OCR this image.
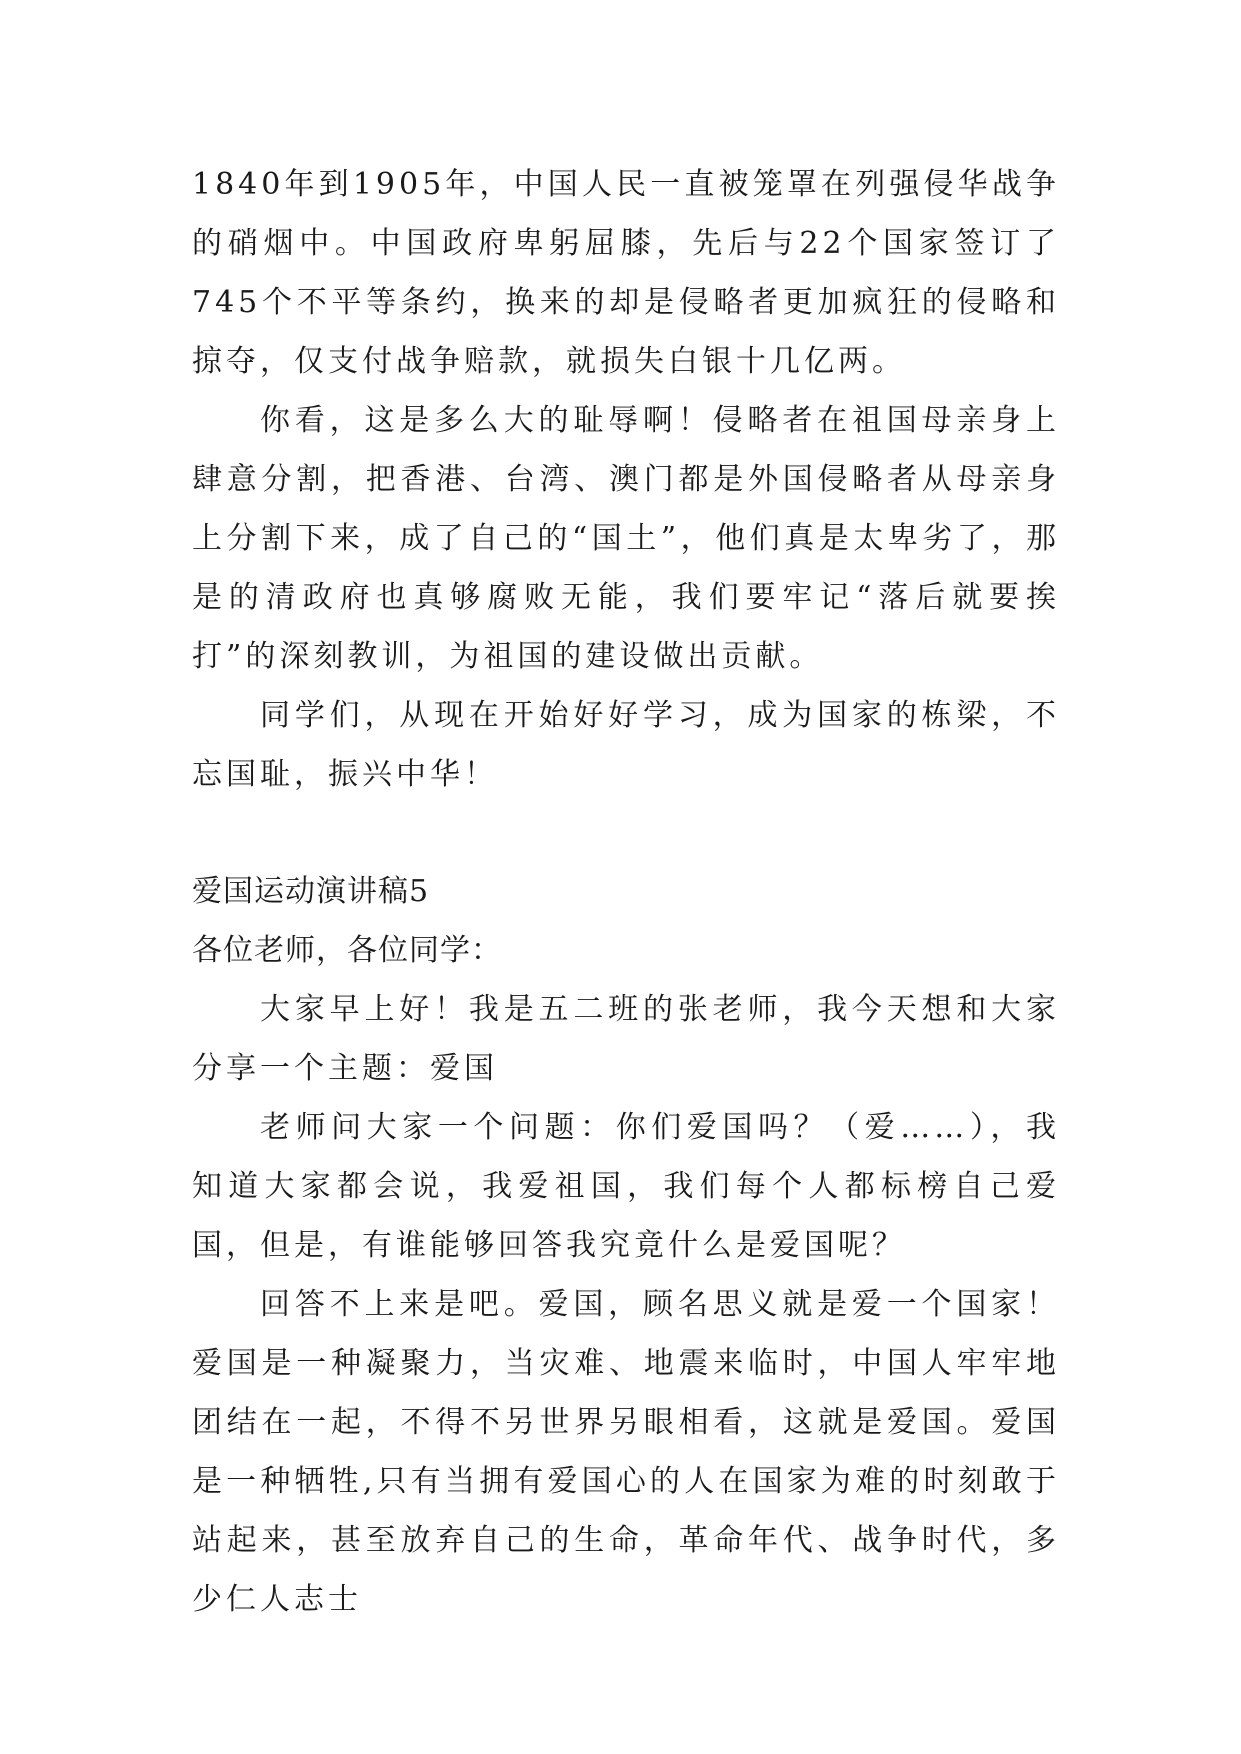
1840年到1905年，中国人民一直被笼罩在列强侵华战争的硝烟中。中国政府卑躬屈膝，先后与22个国家签订了745个不平等条约，换来的却是侵略者更加疯狂的侵略和掠夺，仅支付战争赔款，就损失白银十几亿两。

你看，这是多么大的耻辱啊！侵略者在祖国母亲身上肆意分割，把香港、台湾、澳门都是外国侵略者从母亲身上分割下来，成了自己的“国土”，他们真是太卑劣了，那是的清政府也真够腐败无能，我们要牢记“落后就要挨打”的深刻教训，为祖国的建设做出贡献。

同学们，从现在开始好好学习，成为国家的栋梁，不忘国耻，振兴中华！

爱国运动演讲稿5

各位老师，各位同学：

大家早上好！我是五二班的张老师，我今天想和大家分享一个主题：爱国

老师问大家一个问题：你们爱国吗？（爱……），我知道大家都会说，我爱祖国，我们每个人都标榜自己爱国，但是，有谁能够回答我究竟什么是爱国呢？

回答不上来是吧。爱国，顾名思义就是爱一个国家！爱国是一种凝聚力，当灾难、地震来临时，中国人牢牢地团结在一起，不得不另世界另眼相看，这就是爱国。爱国是一种牺牲,只有当拥有爱国心的人在国家为难的时刻敢于站起来，甚至放弃自己的生命，革命年代、战争时代，多少仁人志士
